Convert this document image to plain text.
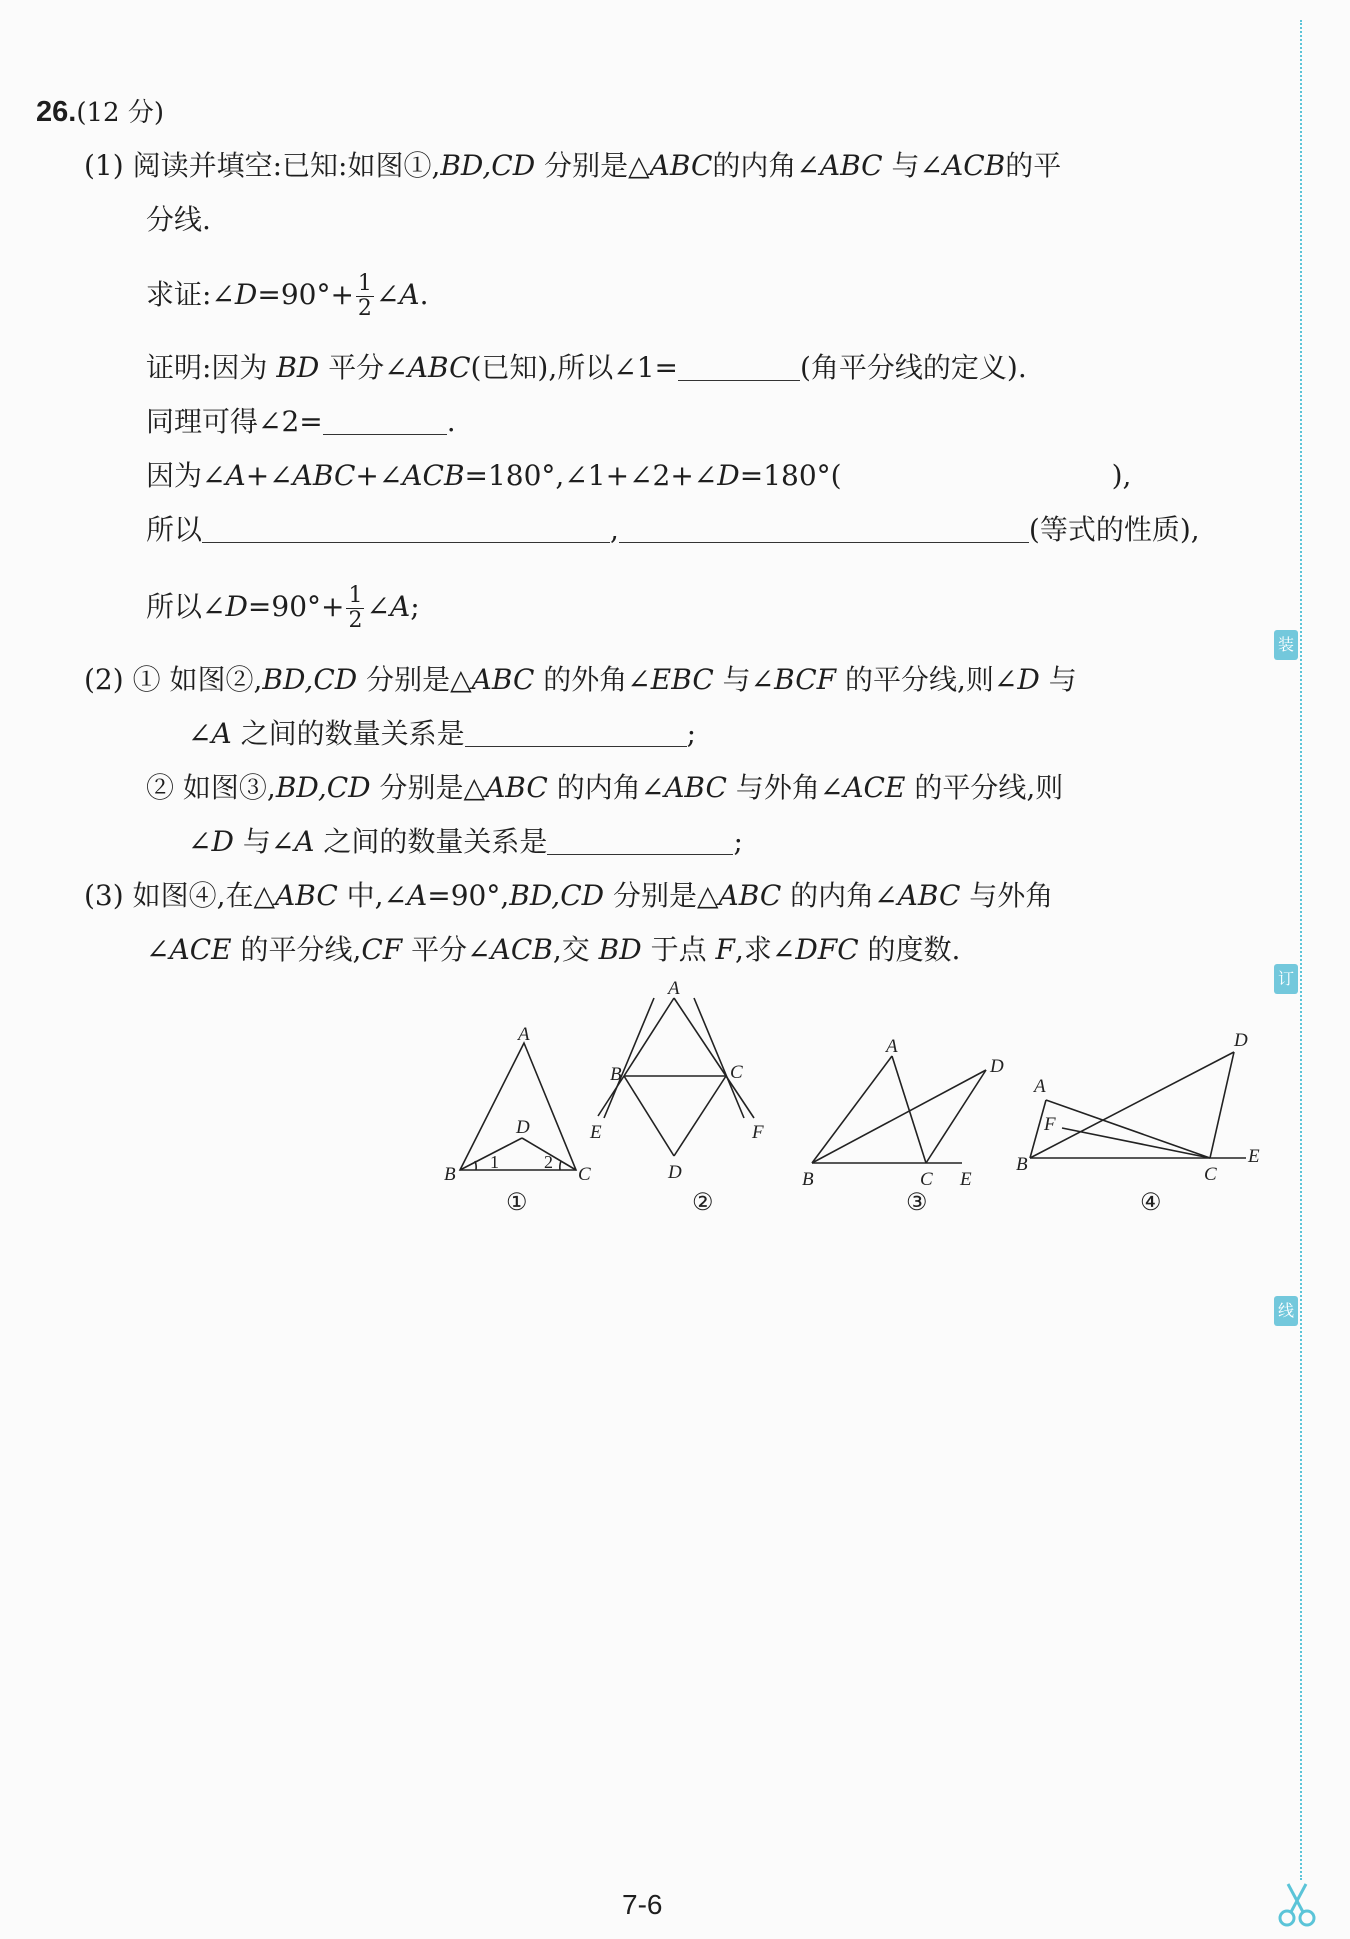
26.(12 分)
(1) 阅读并填空:已知:如图①,BD,CD 分别是△ABC的内角∠ABC 与∠ACB的平
分线.
求证:∠D=90°+ $\frac{1}{2}$ ∠A.
证明:因为 BD 平分∠ABC(已知),所以∠1=	(角平分线的定义).
同理可得∠2=	.
因为∠A+∠ABC+∠ACB=180°,∠1+∠2+∠D=180°(	),
所以	,	(等式的性质),
所以∠D=90°+ $\frac{1}{2}$ ∠A;
(2) ① 如图②,BD,CD 分别是△ABC 的外角∠EBC 与∠BCF 的平分线,则∠D 与
∠A 之间的数量关系是	;
② 如图③,BD,CD 分别是△ABC 的内角∠ABC 与外角∠ACE 的平分线,则
∠D 与∠A 之间的数量关系是	;
(3) 如图④,在△ABC 中,∠A=90°,BD,CD 分别是△ABC 的内角∠ABC 与外角
∠ACE 的平分线,CF 平分∠ACB,交 BD 于点 F,求∠DFC 的度数.
A
B	C
D
1	2
①
A
B	C
D
E	F
②
A
B	C
D
E
③
A
B	C
D
E
F
④
装
订
线
7-6
